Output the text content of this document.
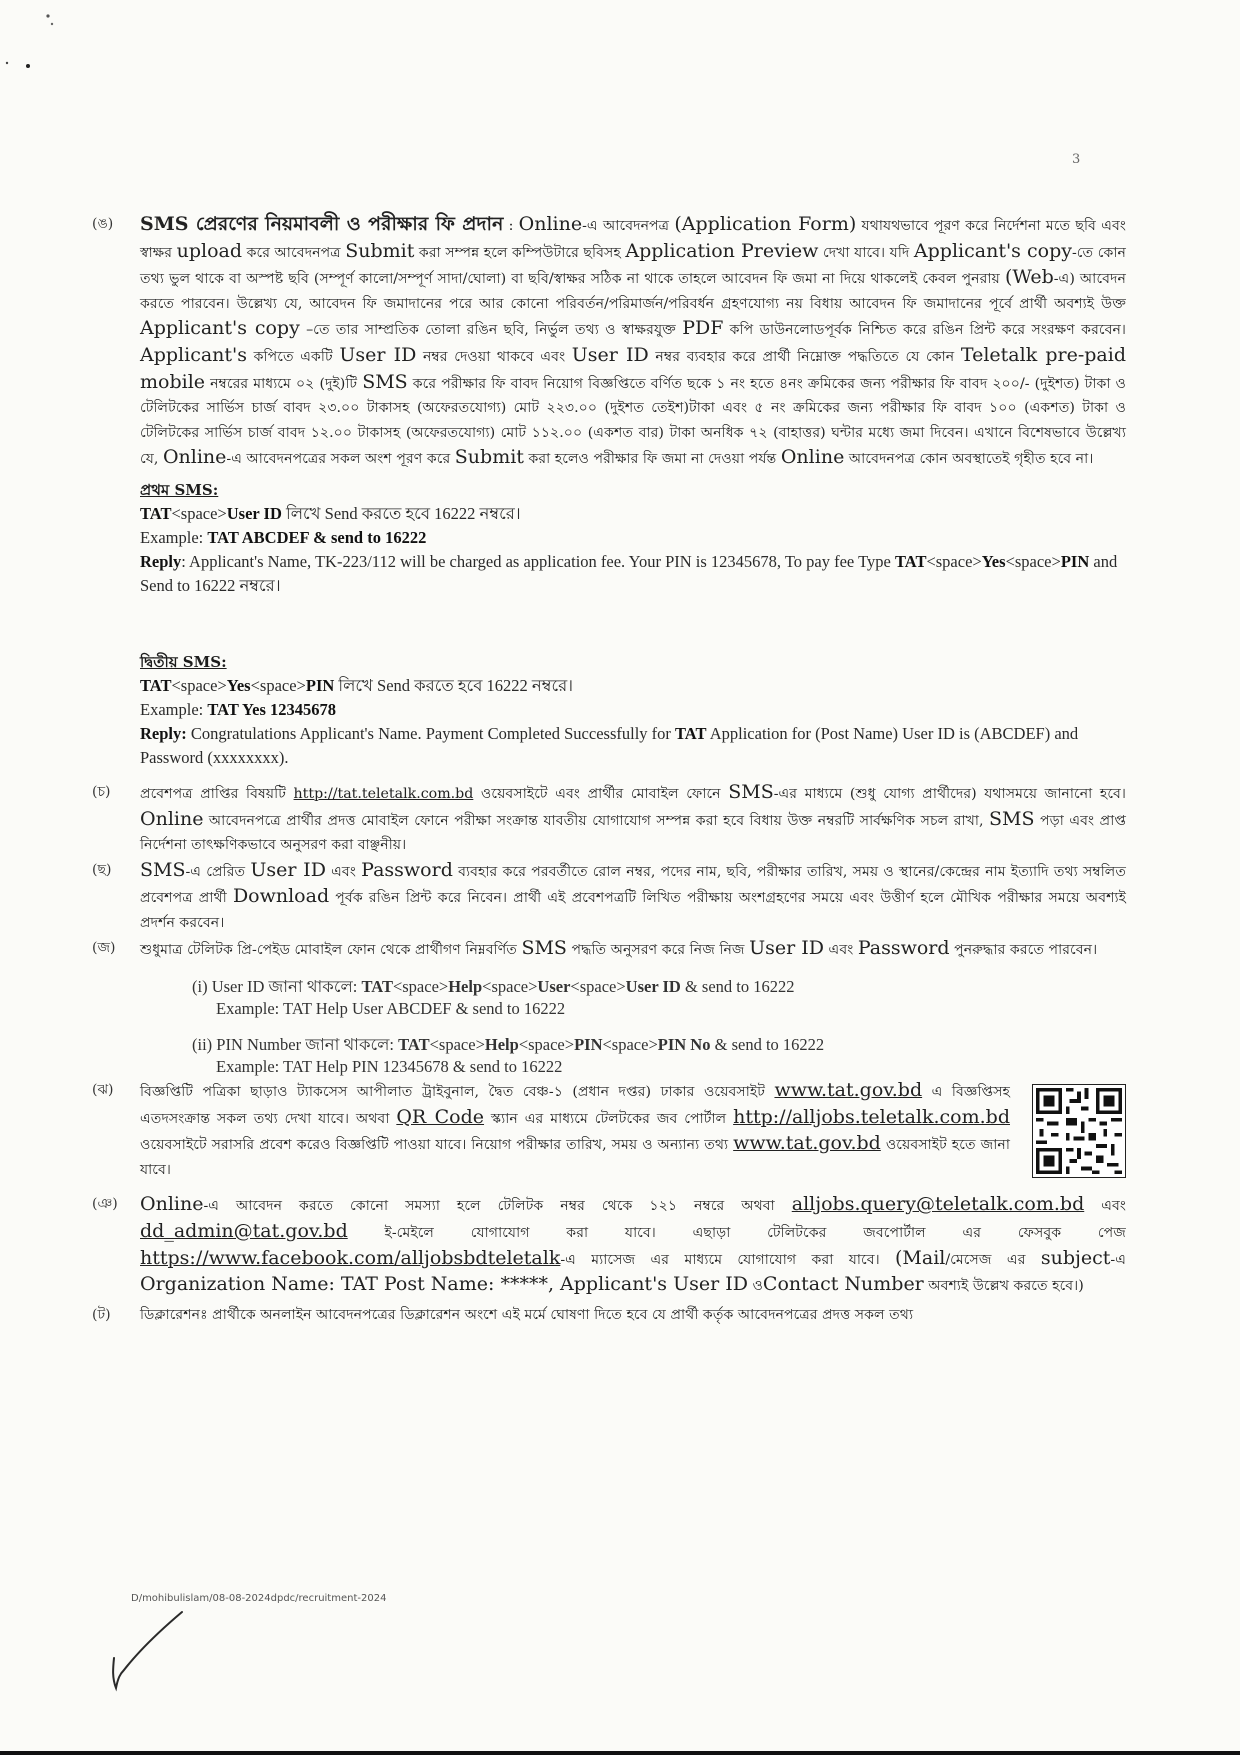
3
(ঙ) SMS প্রেরণের নিয়মাবলী ও পরীক্ষার ফি প্রদান : Online-এ আবেদনপত্র (Application Form) যথাযথভাবে পূরণ করে নির্দেশনা মতে ছবি এবং স্বাক্ষর upload করে আবেদনপত্র Submit করা সম্পন্ন হলে কম্পিউটারে ছবিসহ Application Preview দেখা যাবে। যদি Applicant's copy-তে কোন তথ্য ভুল থাকে বা অস্পষ্ট ছবি (সম্পূর্ণ কালো/সম্পূর্ণ সাদা/ঘোলা) বা ছবি/স্বাক্ষর সঠিক না থাকে তাহলে আবেদন ফি জমা না দিয়ে থাকলেই কেবল পুনরায় (Web-এ) আবেদন করতে পারবেন। উল্লেখ্য যে, আবেদন ফি জমাদানের পরে আর কোনো পরিবর্তন/পরিমার্জন/পরিবর্ধন গ্রহণযোগ্য নয় বিধায় আবেদন ফি জমাদানের পূর্বে প্রার্থী অবশ্যই উক্ত Applicant's copy –তে তার সাম্প্রতিক তোলা রঙিন ছবি, নির্ভুল তথ্য ও স্বাক্ষরযুক্ত PDF কপি ডাউনলোডপূর্বক নিশ্চিত করে রঙিন প্রিন্ট করে সংরক্ষণ করবেন। Applicant's কপিতে একটি User ID নম্বর দেওয়া থাকবে এবং User ID নম্বর ব্যবহার করে প্রার্থী নিম্নোক্ত পদ্ধতিতে যে কোন Teletalk pre-paid mobile নম্বরের মাধ্যমে ০২ (দুই)টি SMS করে পরীক্ষার ফি বাবদ নিয়োগ বিজ্ঞপ্তিতে বর্ণিত ছকে ১ নং হতে ৪নং ক্রমিকের জন্য পরীক্ষার ফি বাবদ ২০০/- (দুইশত) টাকা ও টেলিটকের সার্ভিস চার্জ বাবদ ২৩.০০ টাকাসহ (অফেরতযোগ্য) মোট ২২৩.০০ (দুইশত তেইশ)টাকা এবং ৫ নং ক্রমিকের জন্য পরীক্ষার ফি বাবদ ১০০ (একশত) টাকা ও টেলিটকের সার্ভিস চার্জ বাবদ ১২.০০ টাকাসহ (অফেরতযোগ্য) মোট ১১২.০০ (একশত বার) টাকা অনধিক ৭২ (বাহাত্তর) ঘন্টার মধ্যে জমা দিবেন। এখানে বিশেষভাবে উল্লেখ্য যে, Online-এ আবেদনপত্রের সকল অংশ পূরণ করে Submit করা হলেও পরীক্ষার ফি জমা না দেওয়া পর্যন্ত Online আবেদনপত্র কোন অবস্থাতেই গৃহীত হবে না।
প্রথম SMS:
TAT<space>User ID লিখে Send করতে হবে 16222 নম্বরে।
Example: TAT ABCDEF & send to 16222
Reply: Applicant's Name, TK-223/112 will be charged as application fee. Your PIN is 12345678, To pay fee Type TAT<space>Yes<space>PIN and Send to 16222 নম্বরে।
দ্বিতীয় SMS:
TAT<space>Yes<space>PIN লিখে Send করতে হবে 16222 নম্বরে।
Example: TAT Yes 12345678
Reply: Congratulations Applicant's Name. Payment Completed Successfully for TAT Application for (Post Name) User ID is (ABCDEF) and Password (xxxxxxxx).
(চ) প্রবেশপত্র প্রাপ্তির বিষয়টি http://tat.teletalk.com.bd ওয়েবসাইটে এবং প্রার্থীর মোবাইল ফোনে SMS-এর মাধ্যমে (শুধু যোগ্য প্রার্থীদের) যথাসময়ে জানানো হবে। Online আবেদনপত্রে প্রার্থীর প্রদত্ত মোবাইল ফোনে পরীক্ষা সংক্রান্ত যাবতীয় যোগাযোগ সম্পন্ন করা হবে বিধায় উক্ত নম্বরটি সার্বক্ষণিক সচল রাখা, SMS পড়া এবং প্রাপ্ত নির্দেশনা তাৎক্ষণিকভাবে অনুসরণ করা বাঞ্ছনীয়।
(ছ) SMS-এ প্রেরিত User ID এবং Password ব্যবহার করে পরবর্তীতে রোল নম্বর, পদের নাম, ছবি, পরীক্ষার তারিখ, সময় ও স্থানের/কেন্দ্রের নাম ইত্যাদি তথ্য সম্বলিত প্রবেশপত্র প্রার্থী Download পূর্বক রঙিন প্রিন্ট করে নিবেন। প্রার্থী এই প্রবেশপত্রটি লিখিত পরীক্ষায় অংশগ্রহণের সময়ে এবং উত্তীর্ণ হলে মৌখিক পরীক্ষার সময়ে অবশ্যই প্রদর্শন করবেন।
(জ) শুধুমাত্র টেলিটক প্রি-পেইড মোবাইল ফোন থেকে প্রার্থীগণ নিম্নবর্ণিত SMS পদ্ধতি অনুসরণ করে নিজ নিজ User ID এবং Password পুনরুদ্ধার করতে পারবেন।
(i) User ID জানা থাকলে: TAT<space>Help<space>User<space>User ID & send to 16222
Example: TAT Help User ABCDEF & send to 16222
(ii) PIN Number জানা থাকলে: TAT<space>Help<space>PIN<space>PIN No & send to 16222
Example: TAT Help PIN 12345678 & send to 16222
(ঝ) বিজ্ঞপ্তিটি পত্রিকা ছাড়াও ট্যাকসেস আপীলাত ট্রাইবুনাল, দ্বৈত বেঞ্চ-১ (প্রধান দপ্তর) ঢাকার ওয়েবসাইট www.tat.gov.bd এ বিজ্ঞপ্তিসহ এতদসংক্রান্ত সকল তথ্য দেখা যাবে। অথবা QR Code স্ক্যান এর মাধ্যমে টেলটকের জব পোর্টাল http://alljobs.teletalk.com.bd ওয়েবসাইটে সরাসরি প্রবেশ করেও বিজ্ঞপ্তিটি পাওয়া যাবে। নিয়োগ পরীক্ষার তারিখ, সময় ও অন্যান্য তথ্য www.tat.gov.bd ওয়েবসাইট হতে জানা যাবে।
(ঞ) Online-এ আবেদন করতে কোনো সমস্যা হলে টেলিটক নম্বর থেকে ১২১ নম্বরে অথবা alljobs.query@teletalk.com.bd এবং dd_admin@tat.gov.bd ই-মেইলে যোগাযোগ করা যাবে। এছাড়া টেলিটকের জবপোর্টাল এর ফেসবুক পেজ https://www.facebook.com/alljobsbdteletalk-এ ম্যাসেজ এর মাধ্যমে যোগাযোগ করা যাবে। (Mail/মেসেজ এর subject-এ Organization Name: TAT Post Name: *****, Applicant's User ID ওContact Number অবশ্যই উল্লেখ করতে হবে।)
(ট) ডিক্লারেশনঃ প্রার্থীকে অনলাইন আবেদনপত্রের ডিক্লারেশন অংশে এই মর্মে ঘোষণা দিতে হবে যে প্রার্থী কর্তৃক আবেদনপত্রের প্রদত্ত সকল তথ্য
D/mohibulislam/08-08-2024dpdc/recruitment-2024
